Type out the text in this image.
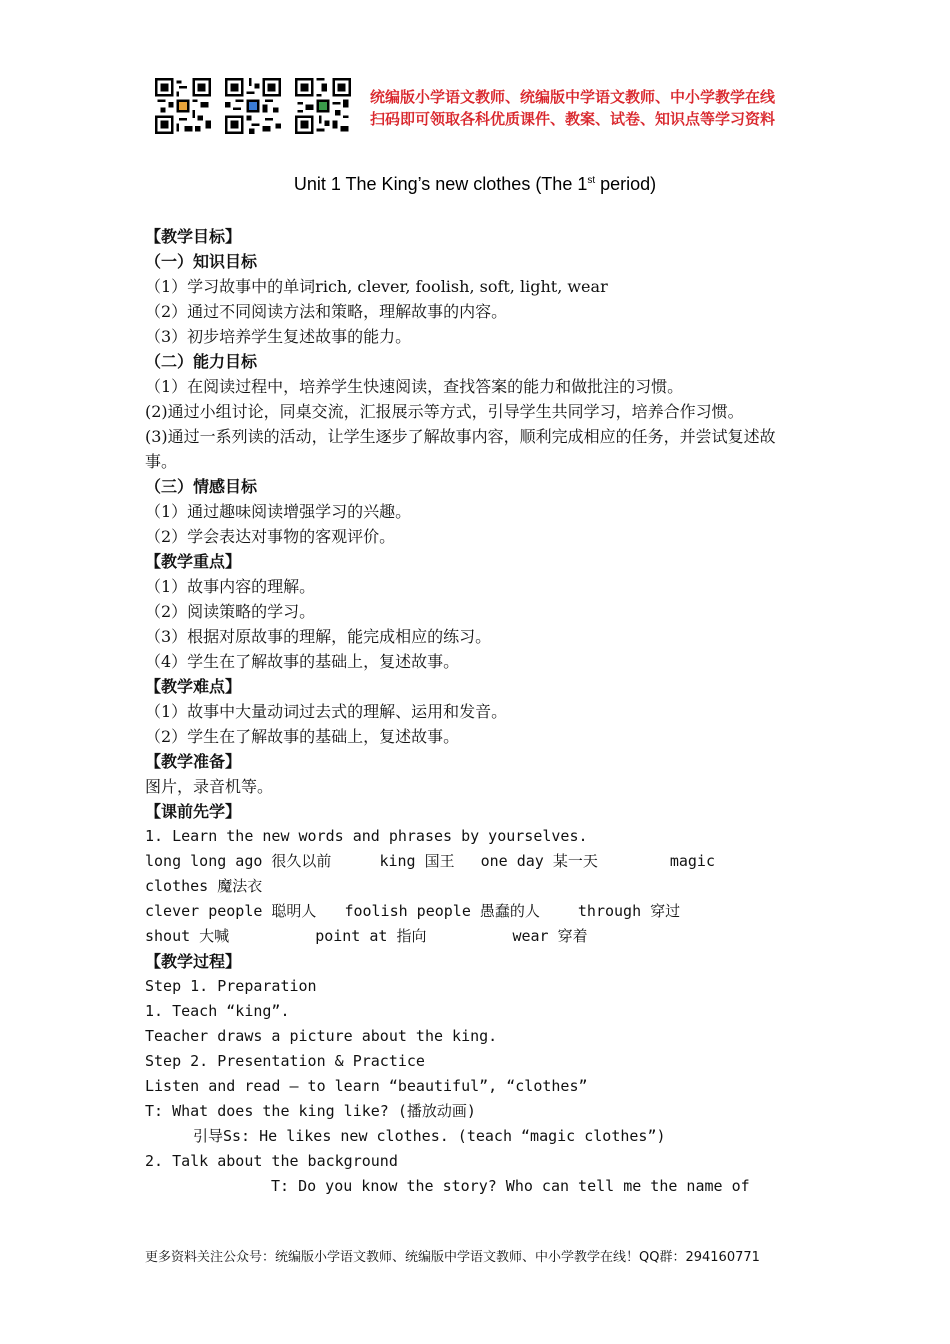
统编版小学语文教师、统编版中学语文教师、中小学教学在线
扫码即可领取各科优质课件、教案、试卷、知识点等学习资料
Unit 1 The King’s new clothes (The 1st period)
【教学目标】
（一）知识目标
（1）学习故事中的单词rich, clever, foolish, soft, light, wear
（2）通过不同阅读方法和策略，理解故事的内容。
（3）初步培养学生复述故事的能力。
（二）能力目标
（1）在阅读过程中，培养学生快速阅读，查找答案的能力和做批注的习惯。
(2)通过小组讨论，同桌交流，汇报展示等方式，引导学生共同学习，培养合作习惯。
(3)通过一系列读的活动，让学生逐步了解故事内容，顺利完成相应的任务，并尝试复述故事。
（三）情感目标
（1）通过趣味阅读增强学习的兴趣。
（2）学会表达对事物的客观评价。
【教学重点】
（1）故事内容的理解。
（2）阅读策略的学习。
（3）根据对原故事的理解，能完成相应的练习。
（4）学生在了解故事的基础上，复述故事。
【教学难点】
（1）故事中大量动词过去式的理解、运用和发音。
（2）学生在了解故事的基础上，复述故事。
【教学准备】
图片，录音机等。
【课前先学】
1. Learn the new words and phrases by yourselves.
long long ago 很久以前	king 国王 one day 某一天	magic
clothes 魔法衣
clever people 聪明人 foolish people 愚蠢的人	through 穿过
shout 大喊	point at 指向	wear 穿着
【教学过程】
Step 1. Preparation
1. Teach “king”.
Teacher draws a picture about the king.
Step 2. Presentation & Practice
Listen and read — to learn “beautiful”, “clothes”
T: What does the king like? (播放动画)
引导Ss: He likes new clothes. (teach “magic clothes”)
2. Talk about the background
T: Do you know the story? Who can tell me the name of
更多资料关注公众号：统编版小学语文教师、统编版中学语文教师、中小学教学在线！QQ群：294160771
